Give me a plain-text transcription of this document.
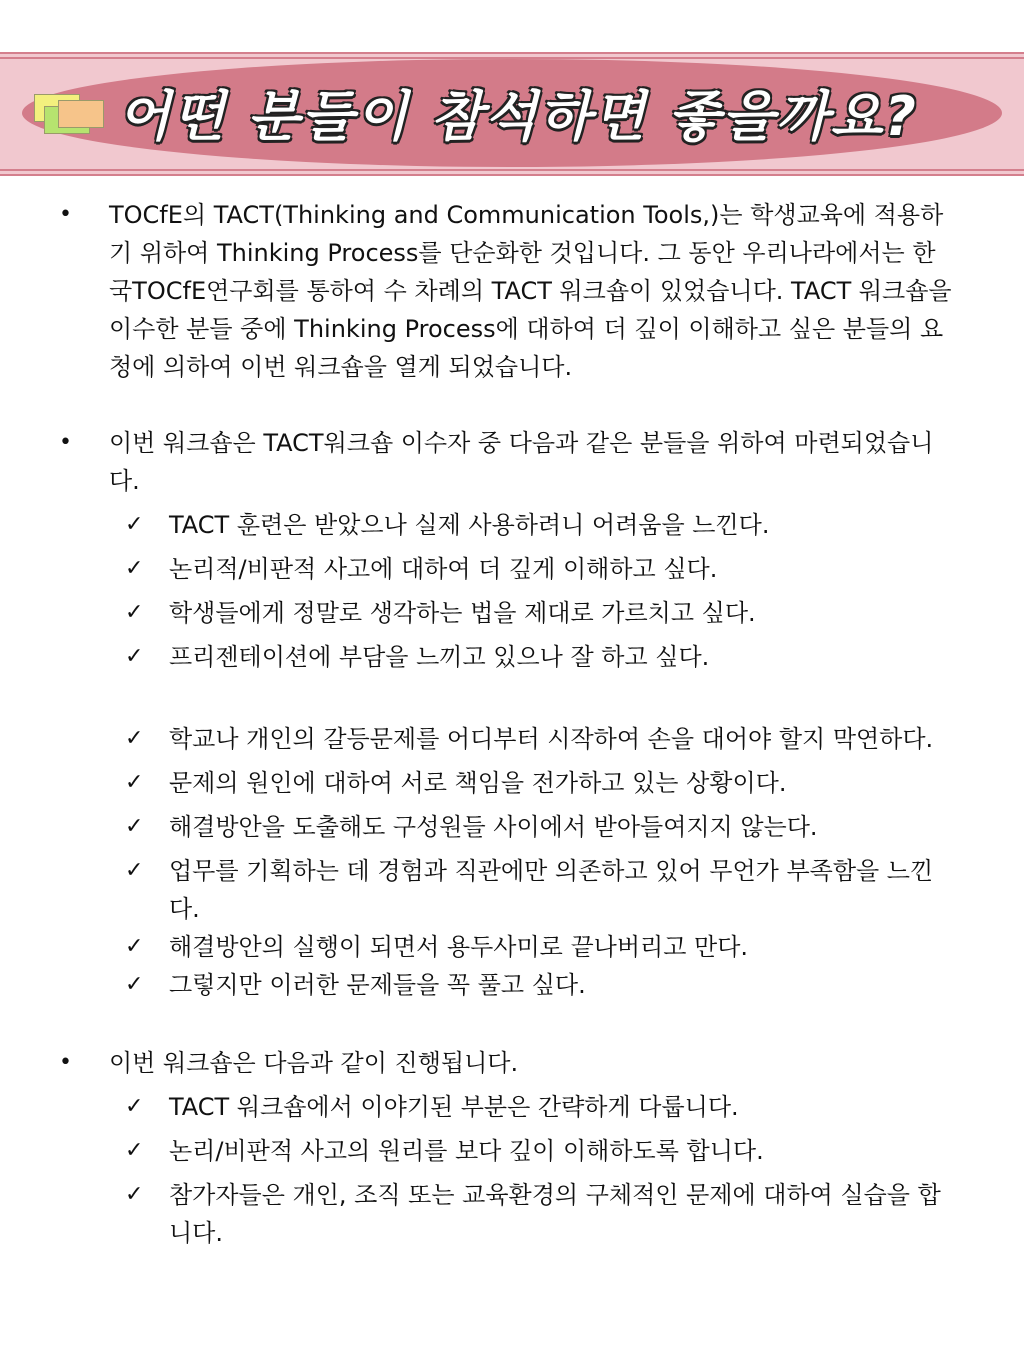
어떤 분들이 참석하면 좋을까요?
• TOCfE의 TACT(Thinking and Communication Tools,)는 학생교육에 적용하기 위하여 Thinking Process를 단순화한 것입니다. 그 동안 우리나라에서는 한국TOCfE연구회를 통하여 수 차례의 TACT 워크숍이 있었습니다. TACT 워크숍을 이수한 분들 중에 Thinking Process에 대하여 더 깊이 이해하고 싶은 분들의 요청에 의하여 이번 워크숍을 열게 되었습니다.
• 이번 워크숍은 TACT워크숍 이수자 중 다음과 같은 분들을 위하여 마련되었습니다.
✓ TACT 훈련은 받았으나 실제 사용하려니 어려움을 느낀다.
✓ 논리적/비판적 사고에 대하여 더 깊게 이해하고 싶다.
✓ 학생들에게 정말로 생각하는 법을 제대로 가르치고 싶다.
✓ 프리젠테이션에 부담을 느끼고 있으나 잘 하고 싶다.
✓ 학교나 개인의 갈등문제를 어디부터 시작하여 손을 대어야 할지 막연하다.
✓ 문제의 원인에 대하여 서로 책임을 전가하고 있는 상황이다.
✓ 해결방안을 도출해도 구성원들 사이에서 받아들여지지 않는다.
✓ 업무를 기획하는 데 경험과 직관에만 의존하고 있어 무언가 부족함을 느낀다.
✓ 해결방안의 실행이 되면서 용두사미로 끝나버리고 만다.
✓ 그렇지만 이러한 문제들을 꼭 풀고 싶다.
• 이번 워크숍은 다음과 같이 진행됩니다.
✓ TACT 워크숍에서 이야기된 부분은 간략하게 다룹니다.
✓ 논리/비판적 사고의 원리를 보다 깊이 이해하도록 합니다.
✓ 참가자들은 개인, 조직 또는 교육환경의 구체적인 문제에 대하여 실습을 합니다.
